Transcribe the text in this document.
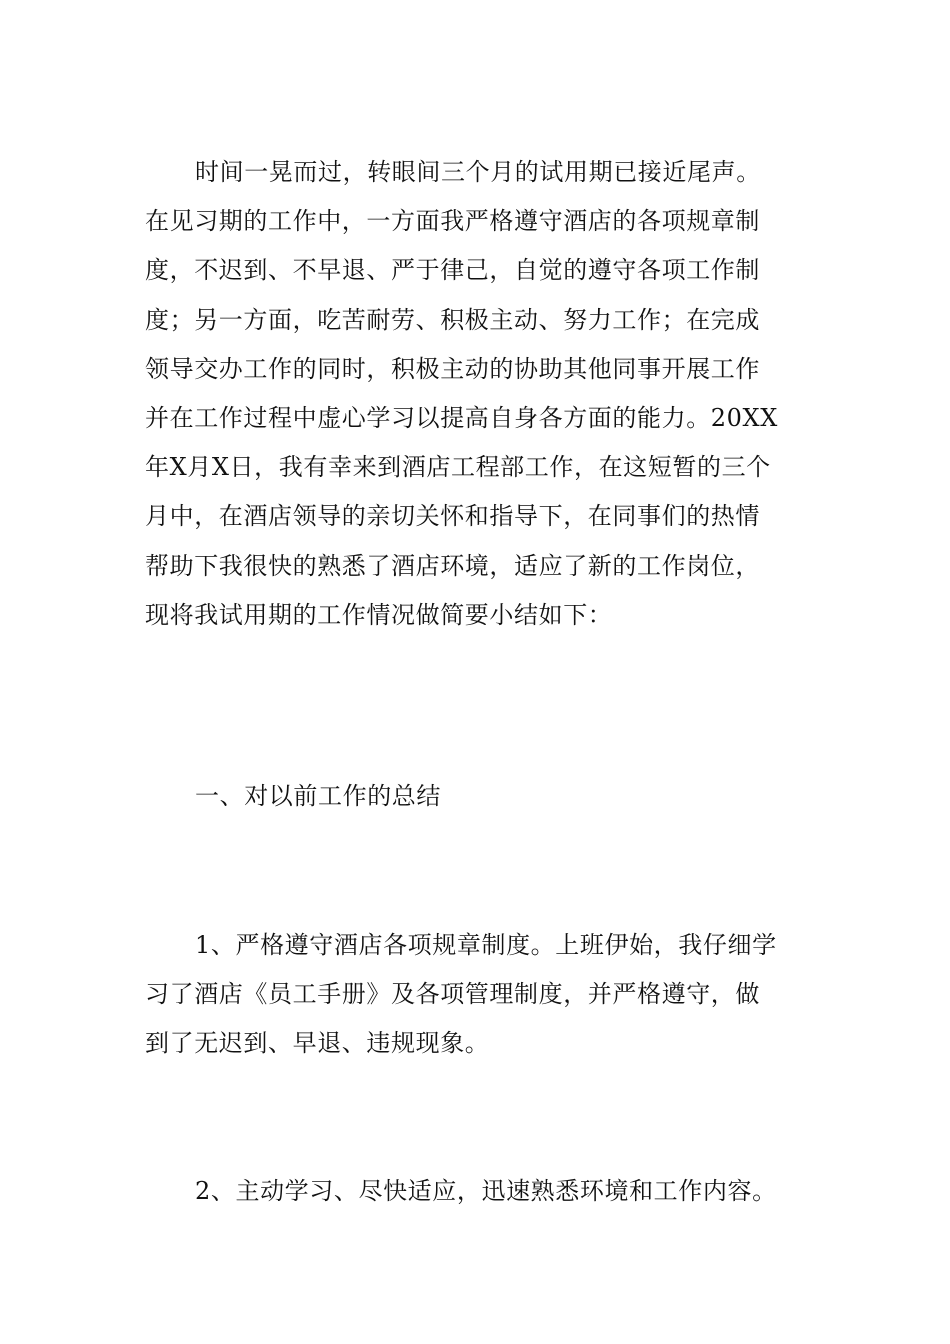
时间一晃而过，转眼间三个月的试用期已接近尾声。
在见习期的工作中，一方面我严格遵守酒店的各项规章制
度，不迟到、不早退、严于律己，自觉的遵守各项工作制
度；另一方面，吃苦耐劳、积极主动、努力工作；在完成
领导交办工作的同时，积极主动的协助其他同事开展工作
并在工作过程中虚心学习以提高自身各方面的能力。20XX
年X月X日，我有幸来到酒店工程部工作，在这短暂的三个
月中，在酒店领导的亲切关怀和指导下，在同事们的热情
帮助下我很快的熟悉了酒店环境，适应了新的工作岗位，
现将我试用期的工作情况做简要小结如下：
一、对以前工作的总结
1、严格遵守酒店各项规章制度。上班伊始，我仔细学
习了酒店《员工手册》及各项管理制度，并严格遵守，做
到了无迟到、早退、违规现象。
2、主动学习、尽快适应，迅速熟悉环境和工作内容。
